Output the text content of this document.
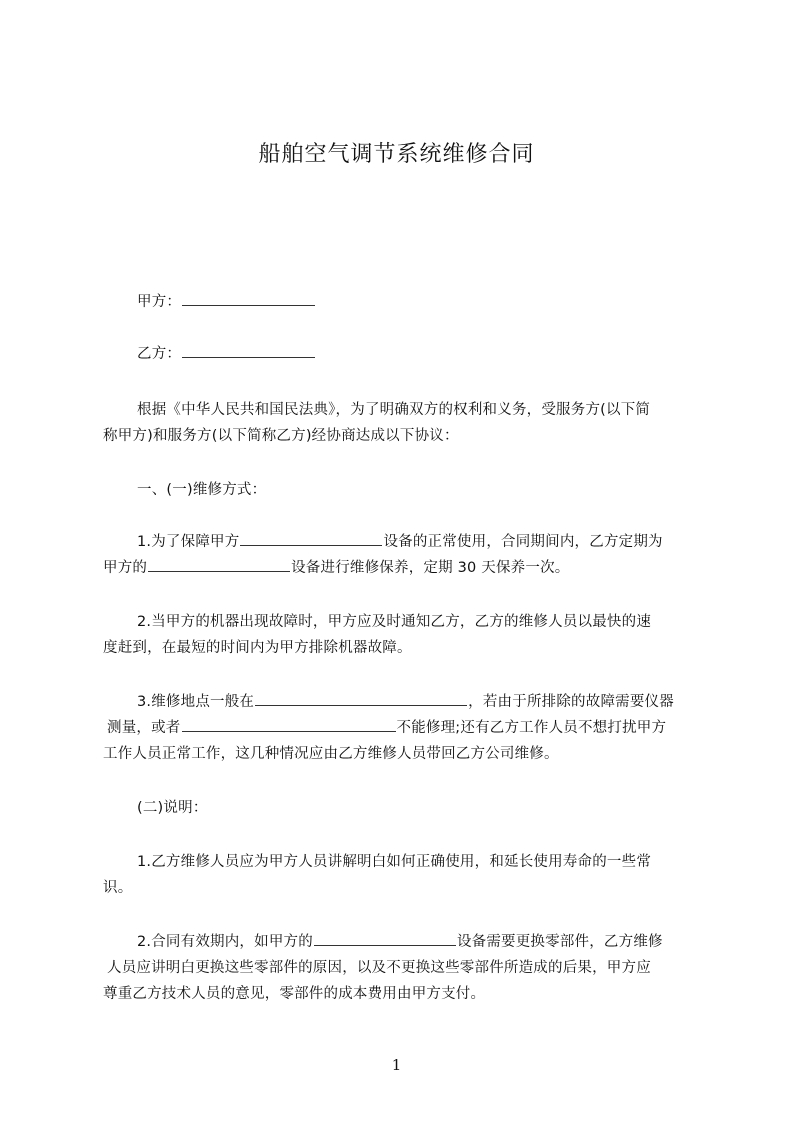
船舶空气调节系统维修合同
甲方：
乙方：
根据《中华人民共和国民法典》，为了明确双方的权利和义务，受服务方(以下简
称甲方)和服务方(以下简称乙方)经协商达成以下协议：
一、(一)维修方式：
1.为了保障甲方	设备的正常使用，合同期间内，乙方定期为
甲方的	设备进行维修保养，定期 30 天保养一次。
2.当甲方的机器出现故障时，甲方应及时通知乙方，乙方的维修人员以最快的速
度赶到，在最短的时间内为甲方排除机器故障。
3.维修地点一般在	，若由于所排除的故障需要仪器
测量，或者	不能修理;还有乙方工作人员不想打扰甲方
工作人员正常工作，这几种情况应由乙方维修人员带回乙方公司维修。
(二)说明：
1.乙方维修人员应为甲方人员讲解明白如何正确使用，和延长使用寿命的一些常
识。
2.合同有效期内，如甲方的	设备需要更换零部件，乙方维修
人员应讲明白更换这些零部件的原因，以及不更换这些零部件所造成的后果，甲方应
尊重乙方技术人员的意见，零部件的成本费用由甲方支付。
1
